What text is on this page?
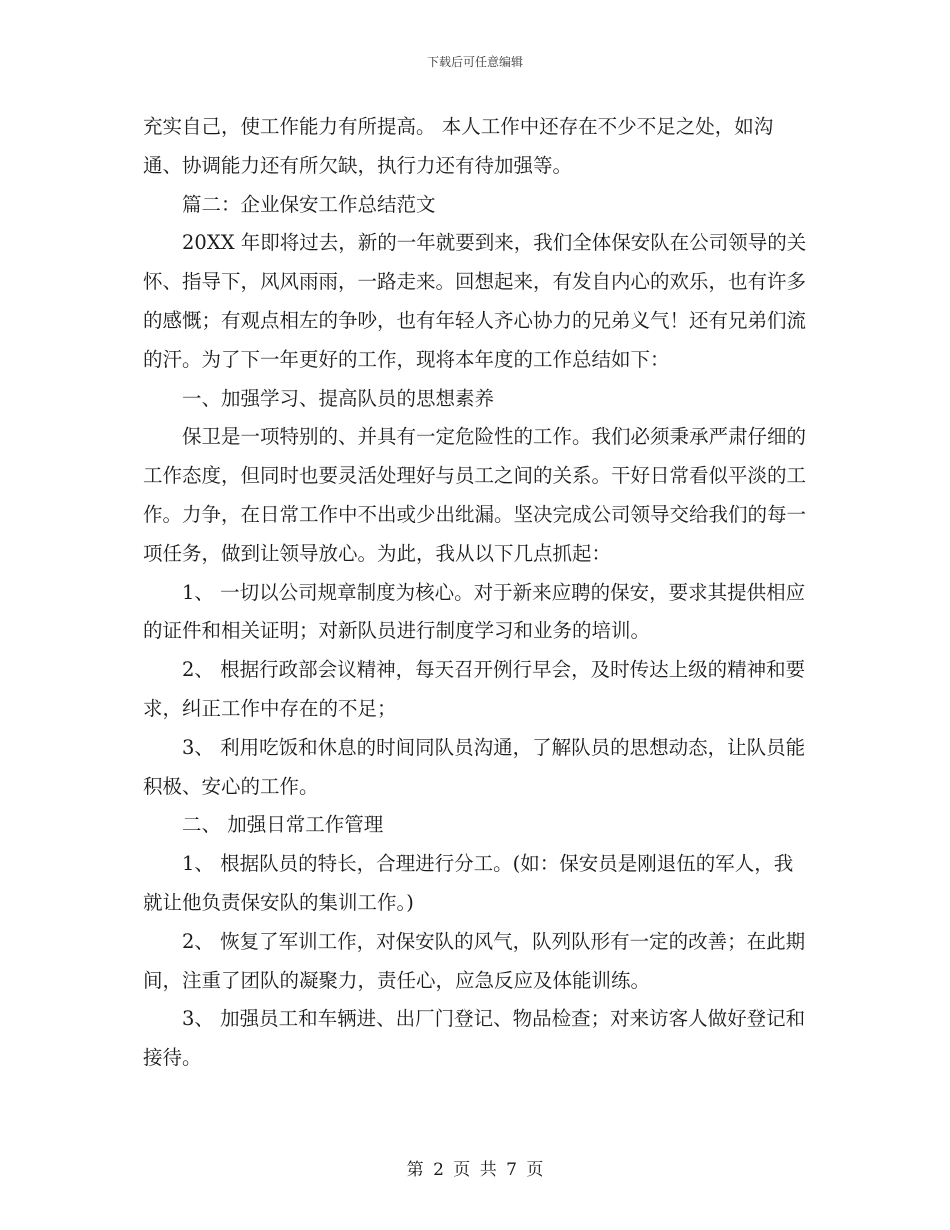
下载后可任意编辑

充实自己，使工作能力有所提高。 本人工作中还存在不少不足之处，如沟通、协调能力还有所欠缺，执行力还有待加强等。

　　篇二：企业保安工作总结范文

　　20XX 年即将过去，新的一年就要到来，我们全体保安队在公司领导的关怀、指导下，风风雨雨，一路走来。回想起来，有发自内心的欢乐，也有许多的感慨；有观点相左的争吵，也有年轻人齐心协力的兄弟义气！还有兄弟们流的汗。为了下一年更好的工作，现将本年度的工作总结如下：

　　一、加强学习、提高队员的思想素养

　　保卫是一项特别的、并具有一定危险性的工作。我们必须秉承严肃仔细的工作态度，但同时也要灵活处理好与员工之间的关系。干好日常看似平淡的工作。力争，在日常工作中不出或少出纰漏。坚决完成公司领导交给我们的每一项任务，做到让领导放心。为此，我从以下几点抓起：

　　1、 一切以公司规章制度为核心。对于新来应聘的保安，要求其提供相应的证件和相关证明；对新队员进行制度学习和业务的培训。

　　2、 根据行政部会议精神，每天召开例行早会，及时传达上级的精神和要求，纠正工作中存在的不足；

　　3、 利用吃饭和休息的时间同队员沟通，了解队员的思想动态，让队员能积极、安心的工作。

　　二、 加强日常工作管理

　　1、 根据队员的特长，合理进行分工。(如：保安员是刚退伍的军人，我就让他负责保安队的集训工作。)

　　2、 恢复了军训工作，对保安队的风气，队列队形有一定的改善；在此期间，注重了团队的凝聚力，责任心，应急反应及体能训练。

　　3、 加强员工和车辆进、出厂门登记、物品检查；对来访客人做好登记和接待。

第 2 页 共 7 页
